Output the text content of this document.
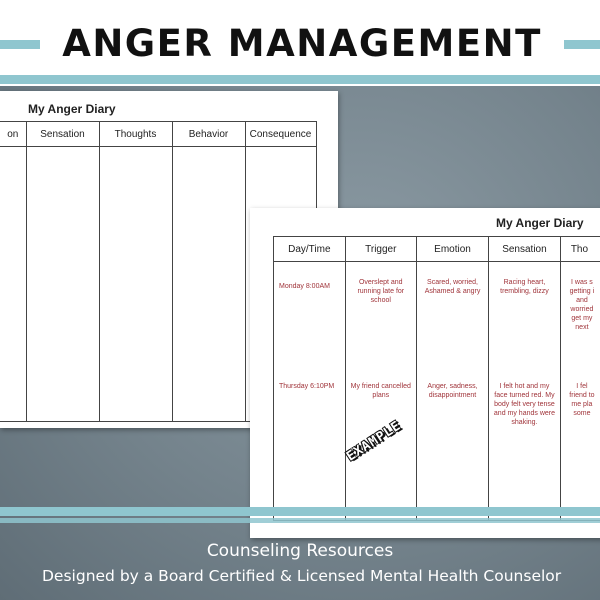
ANGER MANAGEMENT
My Anger Diary
on	Sensation	Thoughts	Behavior	Consequence

My Anger Diary
Day/Time	Trigger	Emotion	Sensation	Tho

Monday 8:00AM	Overslept and running late for school	Scared, worried, Ashamed & angry	Racing heart, trembling, dizzy	I was s getting i and worried get my next

Thursday 6:10PM	My friend cancelled plans	Anger, sadness, disappointment	I felt hot and my face turned red. My body felt very tense and my hands were shaking.	I fel friend to me pla some
EXAMPLE
Counseling Resources
Designed by a Board Certified & Licensed Mental Health Counselor
